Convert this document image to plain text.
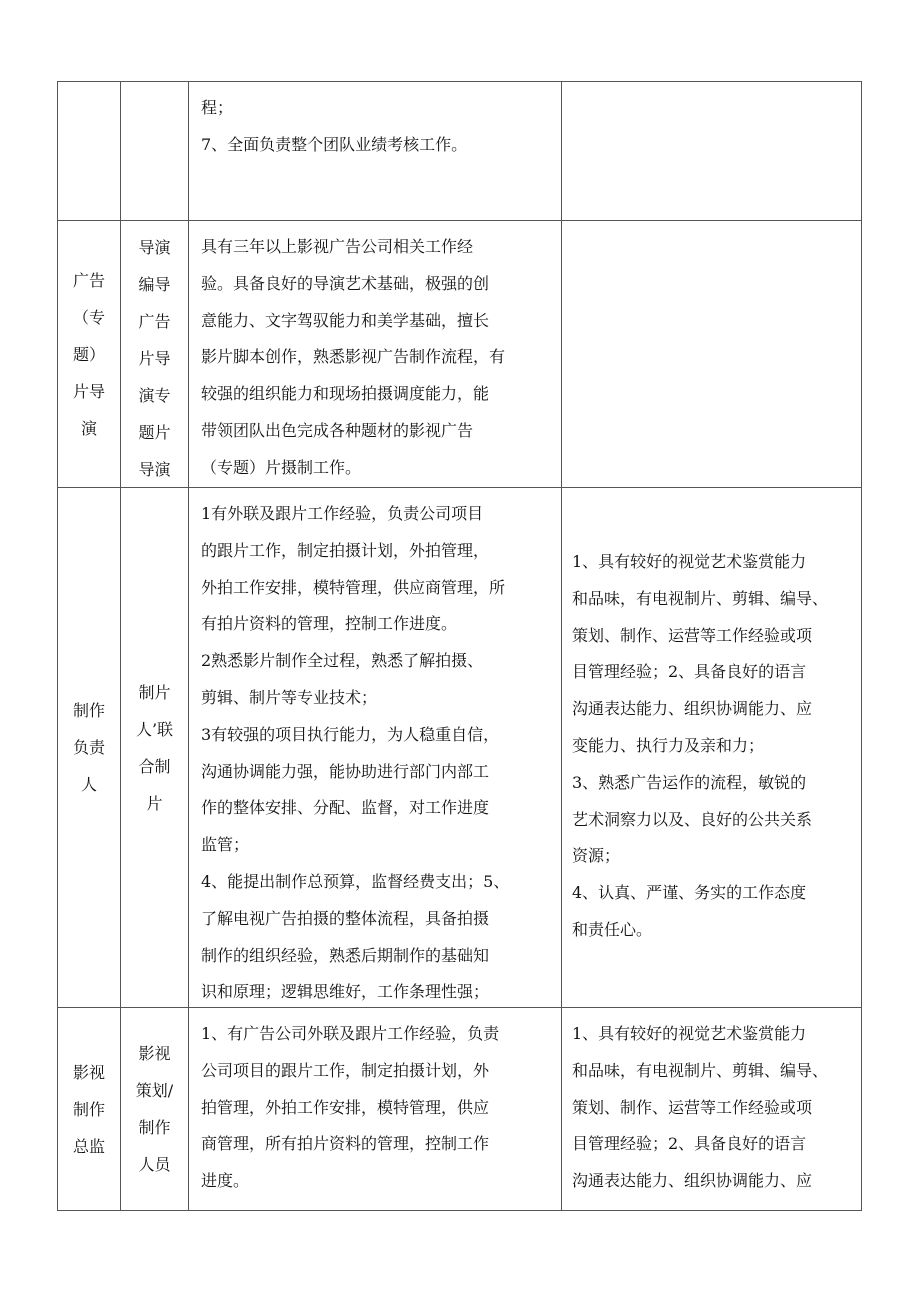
程；
7、全面负责整个团队业绩考核工作。
广告
（专
题）
片导
演
导演
编导
广告
片导
演专
题片
导演
具有三年以上影视广告公司相关工作经
验。具备良好的导演艺术基础，极强的创
意能力、文字驾驭能力和美学基础，擅长
影片脚本创作，熟悉影视广告制作流程，有
较强的组织能力和现场拍摄调度能力，能
带领团队出色完成各种题材的影视广告
（专题）片摄制工作。
制作
负责
人
制片
人’联
合制
片
1有外联及跟片工作经验，负责公司项目
的跟片工作，制定拍摄计划，外拍管理，
外拍工作安排，模特管理，供应商管理，所
有拍片资料的管理，控制工作进度。
2熟悉影片制作全过程，熟悉了解拍摄、
剪辑、制片等专业技术；
3有较强的项目执行能力，为人稳重自信，
沟通协调能力强，能协助进行部门内部工
作的整体安排、分配、监督，对工作进度
监管；
4、能提出制作总预算，监督经费支出；5、
了解电视广告拍摄的整体流程，具备拍摄
制作的组织经验，熟悉后期制作的基础知
识和原理；逻辑思维好，工作条理性强；
1、具有较好的视觉艺术鉴赏能力
和品味，有电视制片、剪辑、编导、
策划、制作、运营等工作经验或项
目管理经验；2、具备良好的语言
沟通表达能力、组织协调能力、应
变能力、执行力及亲和力；
3、熟悉广告运作的流程，敏锐的
艺术洞察力以及、良好的公共关系
资源；
4、认真、严谨、务实的工作态度
和责任心。
影视
制作
总监
影视
策划/
制作
人员
1、有广告公司外联及跟片工作经验，负责
公司项目的跟片工作，制定拍摄计划，外
拍管理，外拍工作安排，模特管理，供应
商管理，所有拍片资料的管理，控制工作
进度。
1、具有较好的视觉艺术鉴赏能力
和品味，有电视制片、剪辑、编导、
策划、制作、运营等工作经验或项
目管理经验；2、具备良好的语言
沟通表达能力、组织协调能力、应
